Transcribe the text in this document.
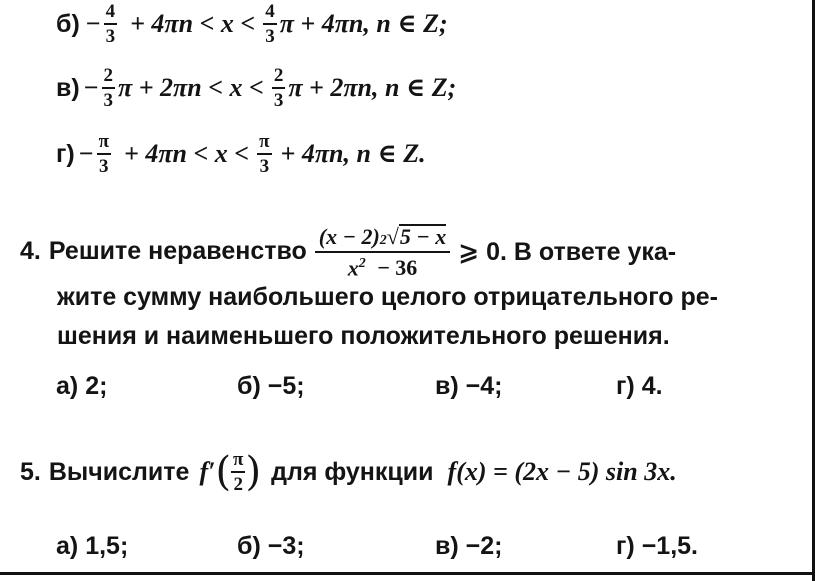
$б) - \frac{4}{3} + 4\pi n < x < \frac{4}{3}$ π + 4πn, n ∈ Z;
$в) - \frac{2}{3}$ $\pi + 2\pi n < x < \frac{2}{3}$ π + 2πn, n ∈ Z;
$г) - \frac{\pi}{3} + 4\pi n < x < \frac{\pi}{3} + 4\pi n$, n ∈ Z.
4. Решите неравенство $\frac{(x - 2) 2 √ 5 - x}{x^2 - 36}$ ⩾ 0. В ответе ука-
жите сумму наибольшего целого отрицательного ре-
шения и наименьшего положительного решения.
а) 2;	б) −5;	в) −4;	г) 4.
5. Вычислите f′ ( $\frac{\pi}{2}$ ) для функции f(x) = (2x − 5) sin 3x.
а) 1,5;	б) −3;	в) −2;	г) −1,5.
